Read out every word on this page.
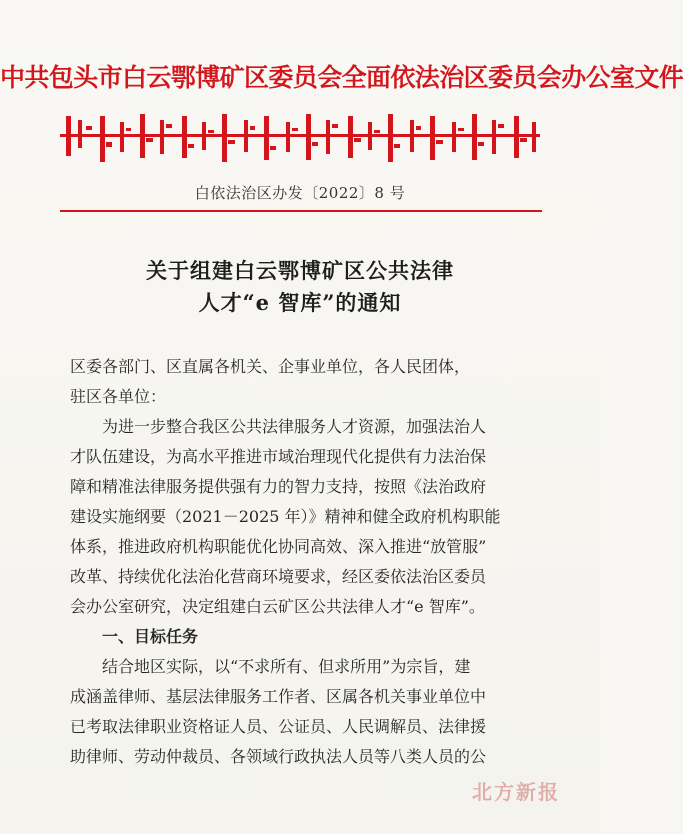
中共包头市白云鄂博矿区委员会全面依法治区委员会办公室文件
白依法治区办发〔2022〕8 号
关于组建白云鄂博矿区公共法律
人才“e 智库”的通知
区委各部门、区直属各机关、企事业单位，各人民团体，
驻区各单位：
为进一步整合我区公共法律服务人才资源，加强法治人
才队伍建设，为高水平推进市域治理现代化提供有力法治保
障和精准法律服务提供强有力的智力支持，按照《法治政府
建设实施纲要（2021－2025 年）》精神和健全政府机构职能
体系，推进政府机构职能优化协同高效、深入推进“放管服”
改革、持续优化法治化营商环境要求，经区委依法治区委员
会办公室研究，决定组建白云矿区公共法律人才“e 智库”。
一、目标任务
结合地区实际，以“不求所有、但求所用”为宗旨，建
成涵盖律师、基层法律服务工作者、区属各机关事业单位中
已考取法律职业资格证人员、公证员、人民调解员、法律援
助律师、劳动仲裁员、各领域行政执法人员等八类人员的公
北方新报
